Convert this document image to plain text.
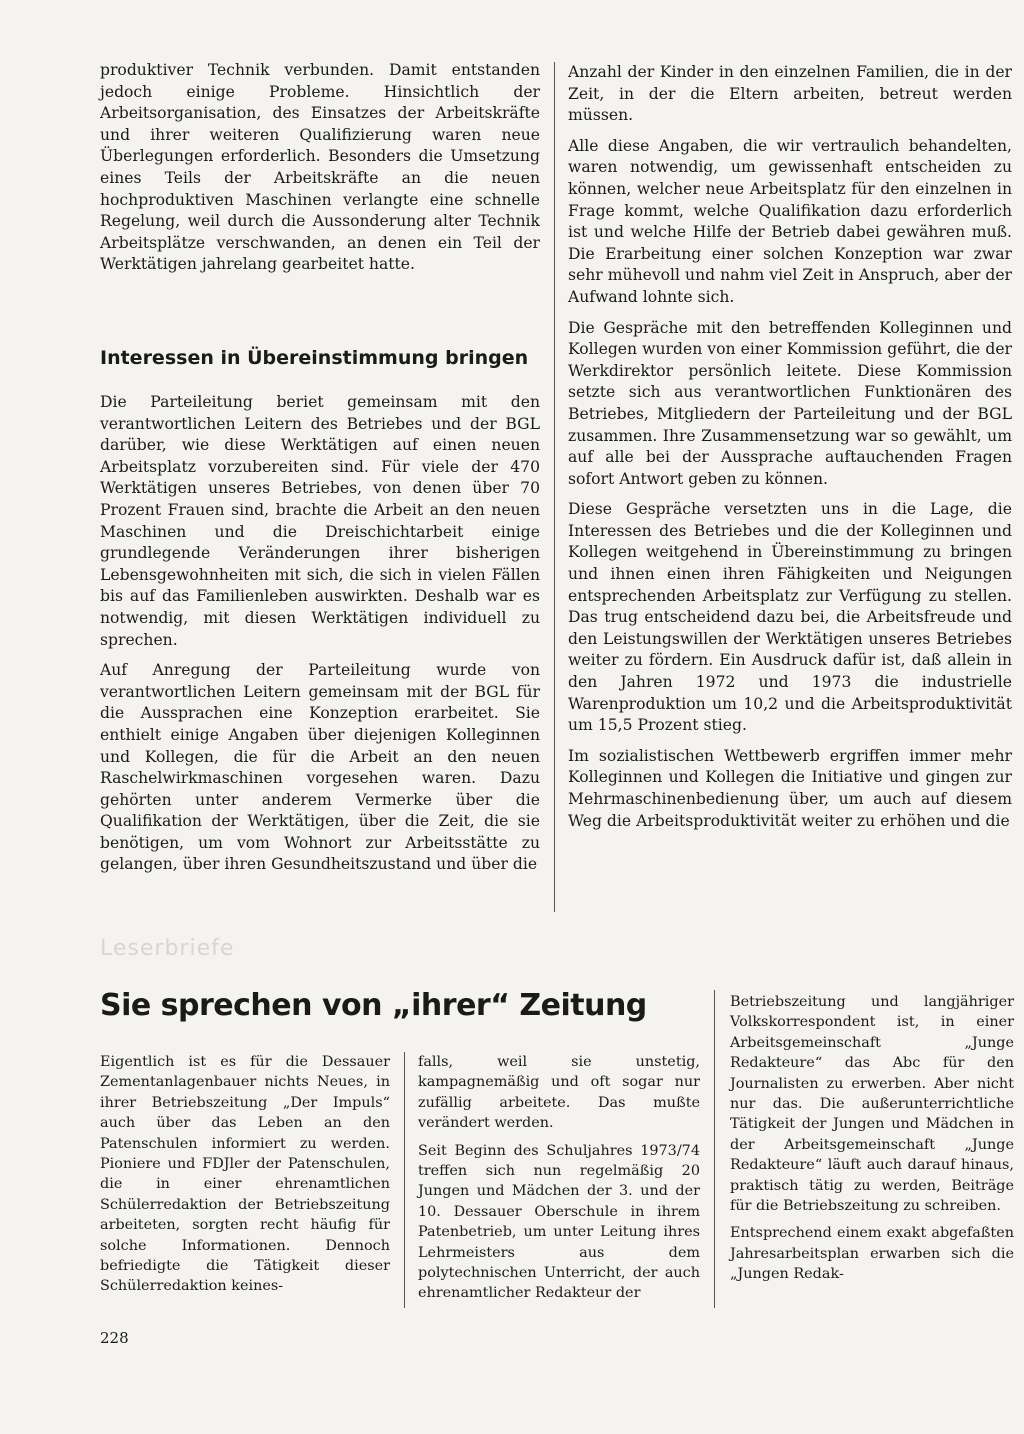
produktiver Technik verbunden. Damit entstanden jedoch einige Probleme. Hinsichtlich der Arbeitsorganisation, des Einsatzes der Arbeitskräfte und ihrer weiteren Qualifizierung waren neue Überlegungen erforderlich. Besonders die Umsetzung eines Teils der Arbeitskräfte an die neuen hochproduktiven Maschinen verlangte eine schnelle Regelung, weil durch die Aussonderung alter Technik Arbeitsplätze verschwanden, an denen ein Teil der Werktätigen jahrelang gearbeitet hatte.

Interessen in Übereinstimmung bringen

Die Parteileitung beriet gemeinsam mit den verantwortlichen Leitern des Betriebes und der BGL darüber, wie diese Werktätigen auf einen neuen Arbeitsplatz vorzubereiten sind. Für viele der 470 Werktätigen unseres Betriebes, von denen über 70 Prozent Frauen sind, brachte die Arbeit an den neuen Maschinen und die Dreischichtarbeit einige grundlegende Veränderungen ihrer bisherigen Lebensgewohnheiten mit sich, die sich in vielen Fällen bis auf das Familienleben auswirkten. Deshalb war es notwendig, mit diesen Werktätigen individuell zu sprechen.

Auf Anregung der Parteileitung wurde von verantwortlichen Leitern gemeinsam mit der BGL für die Aussprachen eine Konzeption erarbeitet. Sie enthielt einige Angaben über diejenigen Kolleginnen und Kollegen, die für die Arbeit an den neuen Raschelwirkmaschinen vorgesehen waren. Dazu gehörten unter anderem Vermerke über die Qualifikation der Werktätigen, über die Zeit, die sie benötigen, um vom Wohnort zur Arbeitsstätte zu gelangen, über ihren Gesundheitszustand und über die

Anzahl der Kinder in den einzelnen Familien, die in der Zeit, in der die Eltern arbeiten, betreut werden müssen.

Alle diese Angaben, die wir vertraulich behandelten, waren notwendig, um gewissenhaft entscheiden zu können, welcher neue Arbeitsplatz für den einzelnen in Frage kommt, welche Qualifikation dazu erforderlich ist und welche Hilfe der Betrieb dabei gewähren muß. Die Erarbeitung einer solchen Konzeption war zwar sehr mühevoll und nahm viel Zeit in Anspruch, aber der Aufwand lohnte sich.

Die Gespräche mit den betreffenden Kolleginnen und Kollegen wurden von einer Kommission geführt, die der Werkdirektor persönlich leitete. Diese Kommission setzte sich aus verantwortlichen Funktionären des Betriebes, Mitgliedern der Parteileitung und der BGL zusammen. Ihre Zusammensetzung war so gewählt, um auf alle bei der Aussprache auftauchenden Fragen sofort Antwort geben zu können.

Diese Gespräche versetzten uns in die Lage, die Interessen des Betriebes und die der Kolleginnen und Kollegen weitgehend in Übereinstimmung zu bringen und ihnen einen ihren Fähigkeiten und Neigungen entsprechenden Arbeitsplatz zur Verfügung zu stellen. Das trug entscheidend dazu bei, die Arbeitsfreude und den Leistungswillen der Werktätigen unseres Betriebes weiter zu fördern. Ein Ausdruck dafür ist, daß allein in den Jahren 1972 und 1973 die industrielle Warenproduktion um 10,2 und die Arbeitsproduktivität um 15,5 Prozent stieg.

Im sozialistischen Wettbewerb ergriffen immer mehr Kolleginnen und Kollegen die Initiative und gingen zur Mehrmaschinenbedienung über, um auch auf diesem Weg die Arbeitsproduktivität weiter zu erhöhen und die

Leserbriefe
Sie sprechen von „ihrer“ Zeitung

Eigentlich ist es für die Dessauer Zementanlagenbauer nichts Neues, in ihrer Betriebszeitung „Der Impuls“ auch über das Leben an den Patenschulen informiert zu werden. Pioniere und FDJler der Patenschulen, die in einer ehrenamtlichen Schülerredaktion der Betriebszeitung arbeiteten, sorgten recht häufig für solche Informationen. Dennoch befriedigte die Tätigkeit dieser Schülerredaktion keines-

falls, weil sie unstetig, kampagnemäßig und oft sogar nur zufällig arbeitete. Das mußte verändert werden.

Seit Beginn des Schuljahres 1973/74 treffen sich nun regelmäßig 20 Jungen und Mädchen der 3. und der 10. Dessauer Oberschule in ihrem Patenbetrieb, um unter Leitung ihres Lehrmeisters aus dem polytechnischen Unterricht, der auch ehrenamtlicher Redakteur der

Betriebszeitung und langjähriger Volkskorrespondent ist, in einer Arbeitsgemeinschaft „Junge Redakteure“ das Abc für den Journalisten zu erwerben. Aber nicht nur das. Die außerunterrichtliche Tätigkeit der Jungen und Mädchen in der Arbeitsgemeinschaft „Junge Redakteure“ läuft auch darauf hinaus, praktisch tätig zu werden, Beiträge für die Betriebszeitung zu schreiben.

Entsprechend einem exakt abgefaßten Jahresarbeitsplan erwarben sich die „Jungen Redak-

228
